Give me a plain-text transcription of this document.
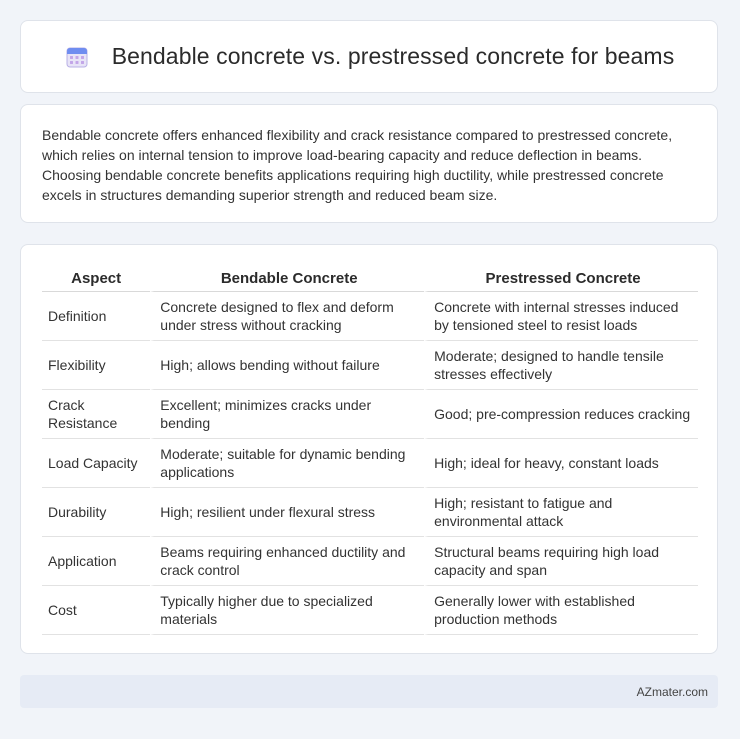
Bendable concrete vs. prestressed concrete for beams

Bendable concrete offers enhanced flexibility and crack resistance compared to prestressed concrete, which relies on internal tension to improve load-bearing capacity and reduce deflection in beams. Choosing bendable concrete benefits applications requiring high ductility, while prestressed concrete excels in structures demanding superior strength and reduced beam size.

Aspect	Bendable Concrete	Prestressed Concrete
Definition	Concrete designed to flex and deform under stress without cracking	Concrete with internal stresses induced by tensioned steel to resist loads
Flexibility	High; allows bending without failure	Moderate; designed to handle tensile stresses effectively
Crack Resistance	Excellent; minimizes cracks under bending	Good; pre-compression reduces cracking
Load Capacity	Moderate; suitable for dynamic bending applications	High; ideal for heavy, constant loads
Durability	High; resilient under flexural stress	High; resistant to fatigue and environmental attack
Application	Beams requiring enhanced ductility and crack control	Structural beams requiring high load capacity and span
Cost	Typically higher due to specialized materials	Generally lower with established production methods
AZmater.com
